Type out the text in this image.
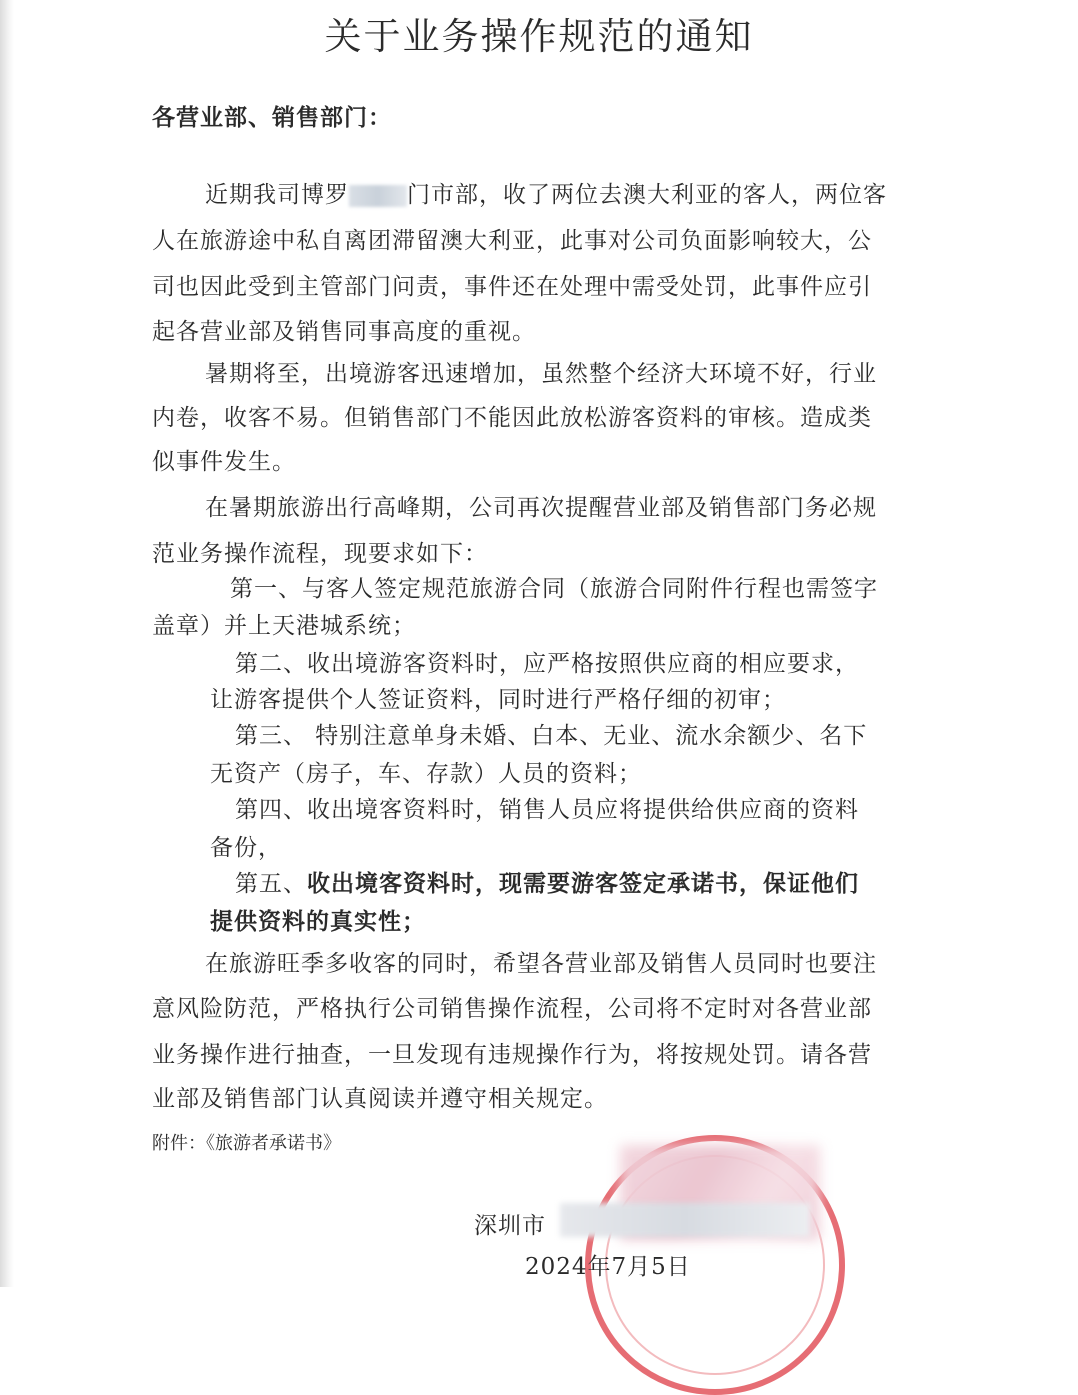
关于业务操作规范的通知
各营业部、销售部门：
近期我司博罗	门市部，收了两位去澳大利亚的客人，两位客
人在旅游途中私自离团滞留澳大利亚，此事对公司负面影响较大，公
司也因此受到主管部门问责，事件还在处理中需受处罚，此事件应引
起各营业部及销售同事高度的重视。
暑期将至，出境游客迅速增加，虽然整个经济大环境不好，行业
内卷，收客不易。但销售部门不能因此放松游客资料的审核。造成类
似事件发生。
在暑期旅游出行高峰期，公司再次提醒营业部及销售部门务必规
范业务操作流程，现要求如下：
第一、与客人签定规范旅游合同（旅游合同附件行程也需签字
盖章）并上天港城系统；
第二、收出境游客资料时，应严格按照供应商的相应要求，
让游客提供个人签证资料，同时进行严格仔细的初审；
第三、 特别注意单身未婚、白本、无业、流水余额少、名下
无资产（房子，车、存款）人员的资料；
第四、收出境客资料时，销售人员应将提供给供应商的资料
备份，
第五、收出境客资料时，现需要游客签定承诺书，保证他们
提供资料的真实性；
在旅游旺季多收客的同时，希望各营业部及销售人员同时也要注
意风险防范，严格执行公司销售操作流程，公司将不定时对各营业部
业务操作进行抽查，一旦发现有违规操作行为，将按规处罚。请各营
业部及销售部门认真阅读并遵守相关规定。
附件：《旅游者承诺书》
深圳市
2024年7月5日
